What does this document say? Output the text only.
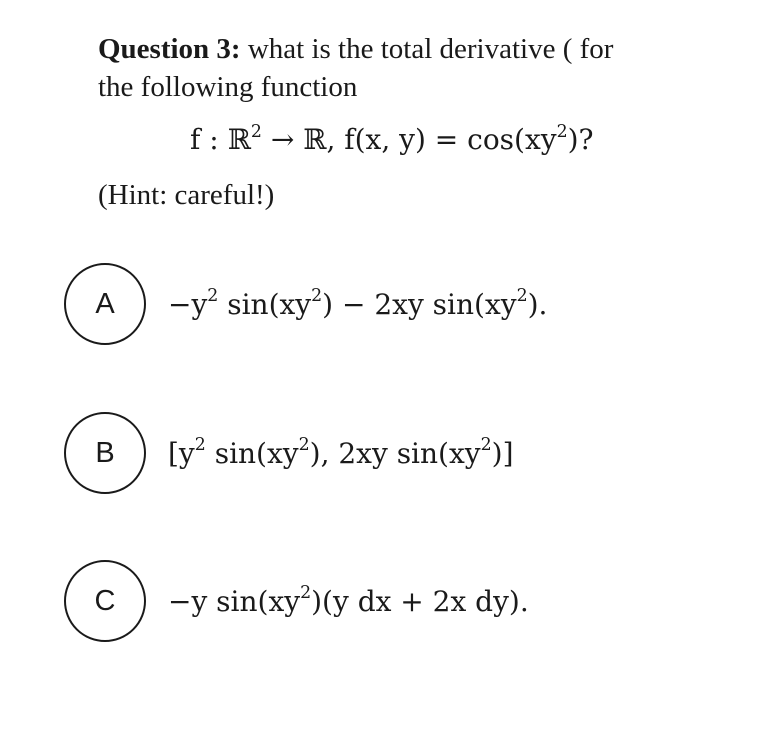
Question 3: what is the total derivative ( for
the following function
f : ℝ$^2$ → ℝ, f(x, $y) = \cos(xy^2)$?
(Hint: careful!)
A	$-y^2$ $\sin(xy^2) - 2xy$ $\sin(xy^2)$.
B	[$y^2$ $\sin(xy^2)$, 2xy $\sin(xy^2)$]
C	−y $\sin(xy^2)(y$ dx + 2x dy).
